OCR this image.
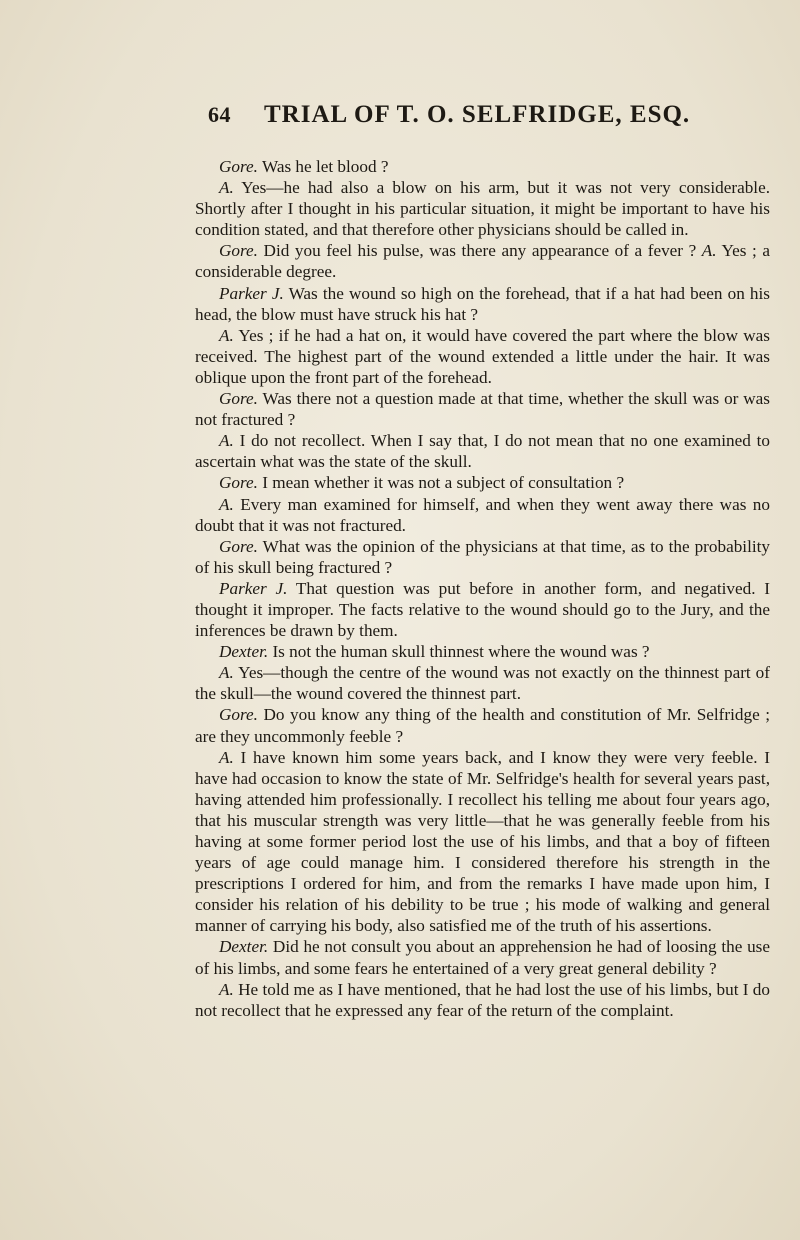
64	TRIAL OF T. O. SELFRIDGE, ESQ.

Gore. Was he let blood ?

A. Yes—he had also a blow on his arm, but it was not very considerable. Shortly after I thought in his particular situation, it might be important to have his condition stated, and that therefore other physicians should be called in.

Gore. Did you feel his pulse, was there any appearance of a fever ? A. Yes ; a considerable degree.

Parker J. Was the wound so high on the forehead, that if a hat had been on his head, the blow must have struck his hat ?

A. Yes ; if he had a hat on, it would have covered the part where the blow was received. The highest part of the wound extended a little under the hair. It was oblique upon the front part of the forehead.

Gore. Was there not a question made at that time, whether the skull was or was not fractured ?

A. I do not recollect. When I say that, I do not mean that no one examined to ascertain what was the state of the skull.

Gore. I mean whether it was not a subject of consultation ?

A. Every man examined for himself, and when they went away there was no doubt that it was not fractured.

Gore. What was the opinion of the physicians at that time, as to the probability of his skull being fractured ?

Parker J. That question was put before in another form, and negatived. I thought it improper. The facts relative to the wound should go to the Jury, and the inferences be drawn by them.

Dexter. Is not the human skull thinnest where the wound was ?

A. Yes—though the centre of the wound was not exactly on the thinnest part of the skull—the wound covered the thinnest part.

Gore. Do you know any thing of the health and constitution of Mr. Selfridge ; are they uncommonly feeble ?

A. I have known him some years back, and I know they were very feeble. I have had occasion to know the state of Mr. Selfridge's health for several years past, having attended him professionally. I recollect his telling me about four years ago, that his muscular strength was very little—that he was generally feeble from his having at some former period lost the use of his limbs, and that a boy of fifteen years of age could manage him. I considered therefore his strength in the prescriptions I ordered for him, and from the remarks I have made upon him, I consider his relation of his debility to be true ; his mode of walking and general manner of carrying his body, also satisfied me of the truth of his assertions.

Dexter. Did he not consult you about an apprehension he had of loosing the use of his limbs, and some fears he entertained of a very great general debility ?

A. He told me as I have mentioned, that he had lost the use of his limbs, but I do not recollect that he expressed any fear of the return of the complaint.
